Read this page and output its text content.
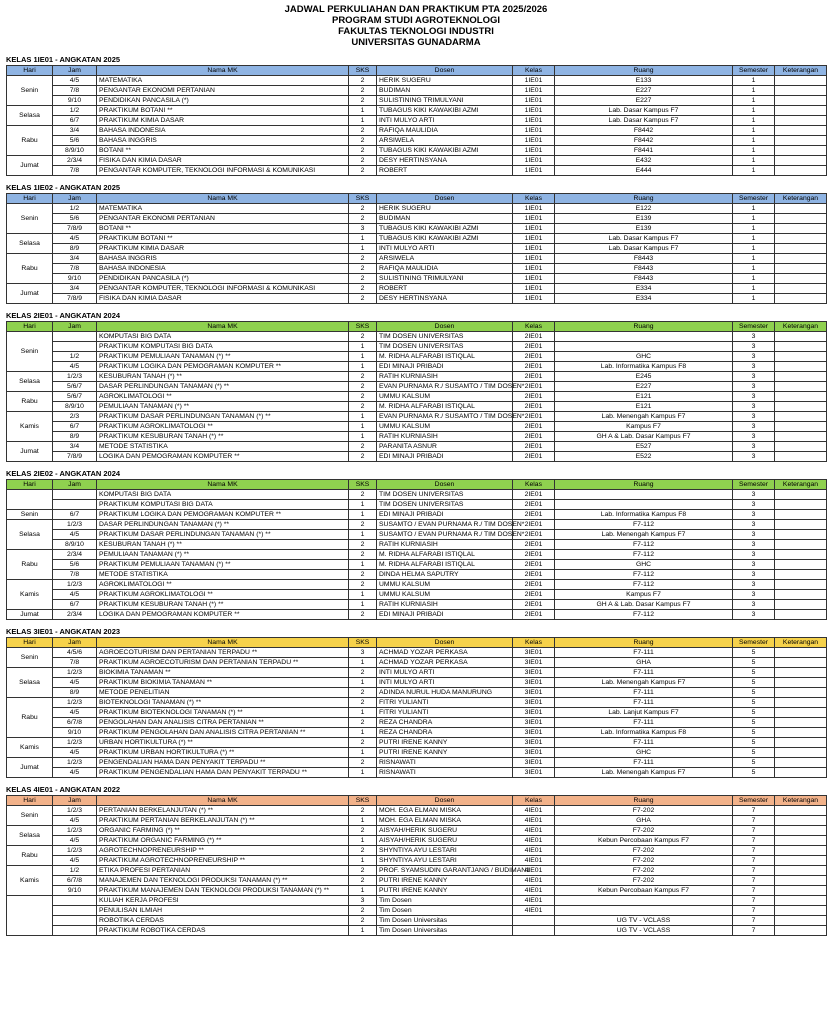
JADWAL PERKULIAHAN DAN PRAKTIKUM PTA 2025/2026
PROGRAM STUDI AGROTEKNOLOGI
FAKULTAS TEKNOLOGI INDUSTRI
UNIVERSITAS GUNADARMA
KELAS 1IE01 - ANGKATAN 2025
Hari	Jam	Nama MK	SKS	Dosen	Kelas	Ruang	Semester	Keterangan
Senin	4/5	MATEMATIKA	2	HERIK SUGERU	1IE01	E133	1	
	7/8	PENGANTAR EKONOMI PERTANIAN	2	BUDIMAN	1IE01	E227	1	
	9/10	PENDIDIKAN PANCASILA (*)	2	SULISTINING TRIMULYANI	1IE01	E227	1	
Selasa	1/2	PRAKTIKUM BOTANI **	1	TUBAGUS KIKI KAWAKIBI AZMI	1IE01	Lab. Dasar Kampus F7	1	
	6/7	PRAKTIKUM KIMIA DASAR	1	INTI MULYO ARTI	1IE01	Lab. Dasar Kampus F7	1	
Rabu	3/4	BAHASA INDONESIA	2	RAFIQA MAULIDIA	1IE01	F8442	1	
	5/6	BAHASA INGGRIS	2	ARSIWELA	1IE01	F8442	1	
	8/9/10	BOTANI **	2	TUBAGUS KIKI KAWAKIBI AZMI	1IE01	F8441	1	
Jumat	2/3/4	FISIKA DAN KIMIA DASAR	2	DESY HERTINSYANA	1IE01	E432	1	
	7/8	PENGANTAR KOMPUTER, TEKNOLOGI INFORMASI & KOMUNIKASI	2	ROBERT	1IE01	E444	1	
KELAS 1IE02 - ANGKATAN 2025
Hari	Jam	Nama MK	SKS	Dosen	Kelas	Ruang	Semester	Keterangan
Senin	1/2	MATEMATIKA	2	HERIK SUGERU	1IE01	E122	1	
	5/6	PENGANTAR EKONOMI PERTANIAN	2	BUDIMAN	1IE01	E139	1	
	7/8/9	BOTANI **	3	TUBAGUS KIKI KAWAKIBI AZMI	1IE01	E139	1	
Selasa	4/5	PRAKTIKUM BOTANI **	1	TUBAGUS KIKI KAWAKIBI AZMI	1IE01	Lab. Dasar Kampus F7	1	
	8/9	PRAKTIKUM KIMIA DASAR	1	INTI MULYO ARTI	1IE01	Lab. Dasar Kampus F7	1	
Rabu	3/4	BAHASA INGGRIS	2	ARSIWELA	1IE01	F8443	1	
	7/8	BAHASA INDONESIA	2	RAFIQA MAULIDIA	1IE01	F8443	1	
	9/10	PENDIDIKAN PANCASILA (*)	2	SULISTINING TRIMULYANI	1IE01	F8443	1	
Jumat	3/4	PENGANTAR KOMPUTER, TEKNOLOGI INFORMASI & KOMUNIKASI	2	ROBERT	1IE01	E334	1	
	7/8/9	FISIKA DAN KIMIA DASAR	2	DESY HERTINSYANA	1IE01	E334	1	
KELAS 2IE01 - ANGKATAN 2024
Hari	Jam	Nama MK	SKS	Dosen	Kelas	Ruang	Semester	Keterangan
Senin		KOMPUTASI BIG DATA	2	TIM DOSEN UNIVERSITAS	2IE01		3	
		PRAKTIKUM KOMPUTASI BIG DATA	1	TIM DOSEN UNIVERSITAS	2IE01		3	
	1/2	PRAKTIKUM PEMULIAAN TANAMAN (*) **	1	M. RIDHA ALFARABI ISTIQLAL	2IE01	GHC	3	
	4/5	PRAKTIKUM LOGIKA DAN PEMOGRAMAN KOMPUTER **	1	EDI MINAJI PRIBADI	2IE01	Lab. Informatika Kampus F8	3	
Selasa	1/2/3	KESUBURAN TANAH (*) **	2	RATIH KURNIASIH	2IE01	E245	3	
	5/6/7	DASAR PERLINDUNGAN TANAMAN (*) **	2	EVAN PURNAMA R./ SUSAMTO / TIM DOSEN*	2IE01	E227	3	
Rabu	5/6/7	AGROKLIMATOLOGI **	2	UMMU KALSUM	2IE01	E121	3	
	8/9/10	PEMULIAAN TANAMAN (*) **	2	M. RIDHA ALFARABI ISTIQLAL	2IE01	E121	3	
Kamis	2/3	PRAKTIKUM DASAR PERLINDUNGAN TANAMAN (*) **	1	EVAN PURNAMA R./ SUSAMTO / TIM DOSEN*	2IE01	Lab. Menengah Kampus F7	3	
	6/7	PRAKTIKUM AGROKLIMATOLOGI **	1	UMMU KALSUM	2IE01	Kampus F7	3	
	8/9	PRAKTIKUM KESUBURAN TANAH (*) **	1	RATIH KURNIASIH	2IE01	GH A & Lab. Dasar Kampus F7	3	
Jumat	3/4	METODE STATISTIKA	2	PARANITA ASNUR	2IE01	E527	3	
	7/8/9	LOGIKA DAN PEMOGRAMAN KOMPUTER **	2	EDI MINAJI PRIBADI	2IE01	E522	3	
KELAS 2IE02 - ANGKATAN 2024
Hari	Jam	Nama MK	SKS	Dosen	Kelas	Ruang	Semester	Keterangan
		KOMPUTASI BIG DATA	2	TIM DOSEN UNIVERSITAS	2IE01		3	
		PRAKTIKUM KOMPUTASI BIG DATA	1	TIM DOSEN UNIVERSITAS	2IE01		3	
Senin	6/7	PRAKTIKUM LOGIKA DAN PEMOGRAMAN KOMPUTER **	1	EDI MINAJI PRIBADI	2IE01	Lab. Informatika Kampus F8	3	
Selasa	1/2/3	DASAR PERLINDUNGAN TANAMAN (*) **	2	SUSAMTO / EVAN PURNAMA R./ TIM DOSEN*	2IE01	F7-112	3	
	4/5	PRAKTIKUM DASAR PERLINDUNGAN TANAMAN (*) **	1	SUSAMTO / EVAN PURNAMA R./ TIM DOSEN*	2IE01	Lab. Menengah Kampus F7	3	
	8/9/10	KESUBURAN TANAH (*) **	2	RATIH KURNIASIH	2IE01	F7-112	3	
Rabu	2/3/4	PEMULIAAN TANAMAN (*) **	2	M. RIDHA ALFARABI ISTIQLAL	2IE01	F7-112	3	
	5/6	PRAKTIKUM PEMULIAAN TANAMAN (*) **	1	M. RIDHA ALFARABI ISTIQLAL	2IE01	GHC	3	
	7/8	METODE STATISTIKA	2	DINDA HELMA SAPUTRY	2IE01	F7-112	3	
Kamis	1/2/3	AGROKLIMATOLOGI **	2	UMMU KALSUM	2IE01	F7-112	3	
	4/5	PRAKTIKUM AGROKLIMATOLOGI **	1	UMMU KALSUM	2IE01	Kampus F7	3	
	6/7	PRAKTIKUM KESUBURAN TANAH (*) **	1	RATIH KURNIASIH	2IE01	GH A & Lab. Dasar Kampus F7	3	
Jumat	2/3/4	LOGIKA DAN PEMOGRAMAN KOMPUTER **	2	EDI MINAJI PRIBADI	2IE01	F7-112	3	
KELAS 3IE01 - ANGKATAN 2023
Hari	Jam	Nama MK	SKS	Dosen	Kelas	Ruang	Semester	Keterangan
Senin	4/5/6	AGROECOTURISM DAN PERTANIAN TERPADU **	3	ACHMAD YOZAR PERKASA	3IE01	F7-111	5	
	7/8	PRAKTIKUM AGROECOTURISM DAN PERTANIAN TERPADU **	1	ACHMAD YOZAR PERKASA	3IE01	GHA	5	
Selasa	1/2/3	BIOKIMIA TANAMAN **	2	INTI MULYO ARTI	3IE01	F7-111	5	
	4/5	PRAKTIKUM BIOKIMIA TANAMAN **	1	INTI MULYO ARTI	3IE01	Lab. Menengah Kampus F7	5	
	8/9	METODE PENELITIAN	2	ADINDA NURUL HUDA MANURUNG	3IE01	F7-111	5	
Rabu	1/2/3	BIOTEKNOLOGI TANAMAN (*) **	2	FITRI YULIANTI	3IE01	F7-111	5	
	4/5	PRAKTIKUM BIOTEKNOLOGI TANAMAN (*) **	1	FITRI YULIANTI	3IE01	Lab. Lanjut Kampus F7	5	
	6/7/8	PENGOLAHAN DAN ANALISIS CITRA PERTANIAN **	2	REZA CHANDRA	3IE01	F7-111	5	
	9/10	PRAKTIKUM PENGOLAHAN DAN ANALISIS CITRA PERTANIAN **	1	REZA CHANDRA	3IE01	Lab. Informatika Kampus F8	5	
Kamis	1/2/3	URBAN HORTIKULTURA (*) **	2	PUTRI IRENE KANNY	3IE01	F7-111	5	
	4/5	PRAKTIKUM URBAN HORTIKULTURA (*) **	1	PUTRI IRENE KANNY	3IE01	GHC	5	
Jumat	1/2/3	PENGENDALIAN HAMA DAN PENYAKIT TERPADU **	2	RISNAWATI	3IE01	F7-111	5	
	4/5	PRAKTIKUM PENGENDALIAN HAMA DAN PENYAKIT TERPADU **	1	RISNAWATI	3IE01	Lab. Menengah Kampus F7	5	
KELAS 4IE01 - ANGKATAN 2022
Hari	Jam	Nama MK	SKS	Dosen	Kelas	Ruang	Semester	Keterangan
Senin	1/2/3	PERTANIAN BERKELANJUTAN (*) **	2	MOH. EGA ELMAN MISKA	4IE01	F7-202	7	
	4/5	PRAKTIKUM PERTANIAN BERKELANJUTAN (*) **	1	MOH. EGA ELMAN MISKA	4IE01	GHA	7	
Selasa	1/2/3	ORGANIC FARMING (*) **	2	AISYAH/HERIK SUGERU	4IE01	F7-202	7	
	4/5	PRAKTIKUM ORGANIC FARMING (*) **	1	AISYAH/HERIK SUGERU	4IE01	Kebun Percobaan Kampus F7	7	
Rabu	1/2/3	AGROTECHNOPRENEURSHIP **	2	SHYNTIYA AYU LESTARI	4IE01	F7-202	7	
	4/5	PRAKTIKUM AGROTECHNOPRENEURSHIP **	1	SHYNTIYA AYU LESTARI	4IE01	F7-202	7	
Kamis	1/2	ETIKA PROFESI PERTANIAN	2	PROF. SYAMSUDIN GARANTJANG / BUDIMAN1	4IE01	F7-202	7	
	6/7/8	MANAJEMEN DAN TEKNOLOGI PRODUKSI TANAMAN (*) **	2	PUTRI IRENE KANNY	4IE01	F7-202	7	
	9/10	PRAKTIKUM MANAJEMEN DAN TEKNOLOGI PRODUKSI TANAMAN (*) **	1	PUTRI IRENE KANNY	4IE01	Kebun Percobaan Kampus F7	7	
		KULIAH KERJA PROFESI	3	Tim Dosen	4IE01		7	
		PENULISAN ILMIAH	2	Tim Dosen	4IE01		7	
		ROBOTIKA CERDAS	2	Tim Dosen Universitas		UG TV - VCLASS	7	
		PRAKTIKUM ROBOTIKA CERDAS	1	Tim Dosen Universitas		UG TV - VCLASS	7	
